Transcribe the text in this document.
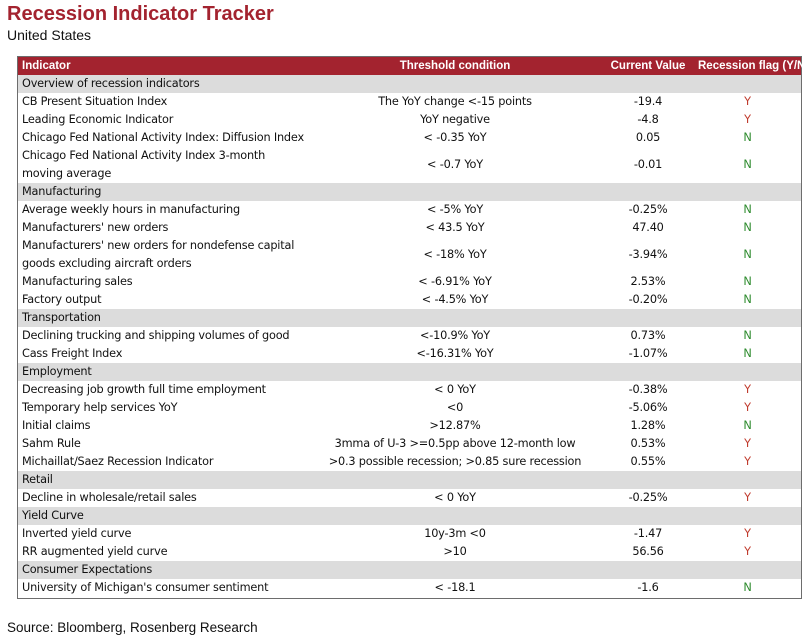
Recession Indicator Tracker
United States
Indicator	Threshold condition	Current Value	Recession flag (Y/N)
Overview of recession indicators			
CB Present Situation Index	The YoY change <-15 points	-19.4	Y
Leading Economic Indicator	YoY negative	-4.8	Y
Chicago Fed National Activity Index: Diffusion Index	< -0.35 YoY	0.05	N
Chicago Fed National Activity Index 3-month moving average	< -0.7 YoY	-0.01	N
Manufacturing			
Average weekly hours in manufacturing	< -5% YoY	-0.25%	N
Manufacturers' new orders	< 43.5 YoY	47.40	N
Manufacturers' new orders for nondefense capital goods excluding aircraft orders	< -18% YoY	-3.94%	N
Manufacturing sales	< -6.91% YoY	2.53%	N
Factory output	< -4.5% YoY	-0.20%	N
Transportation			
Declining trucking and shipping volumes of good	<-10.9% YoY	0.73%	N
Cass Freight Index	<-16.31% YoY	-1.07%	N
Employment			
Decreasing job growth full time employment	< 0 YoY	-0.38%	Y
Temporary help services YoY	<0	-5.06%	Y
Initial claims	>12.87%	1.28%	N
Sahm Rule	3mma of U-3 >=0.5pp above 12-month low	0.53%	Y
Michaillat/Saez Recession Indicator	>0.3 possible recession; >0.85 sure recession	0.55%	Y
Retail			
Decline in wholesale/retail sales	< 0 YoY	-0.25%	Y
Yield Curve			
Inverted yield curve	10y-3m <0	-1.47	Y
RR augmented yield curve	>10	56.56	Y
Consumer Expectations			
University of Michigan's consumer sentiment	< -18.1	-1.6	N
Source: Bloomberg, Rosenberg Research
